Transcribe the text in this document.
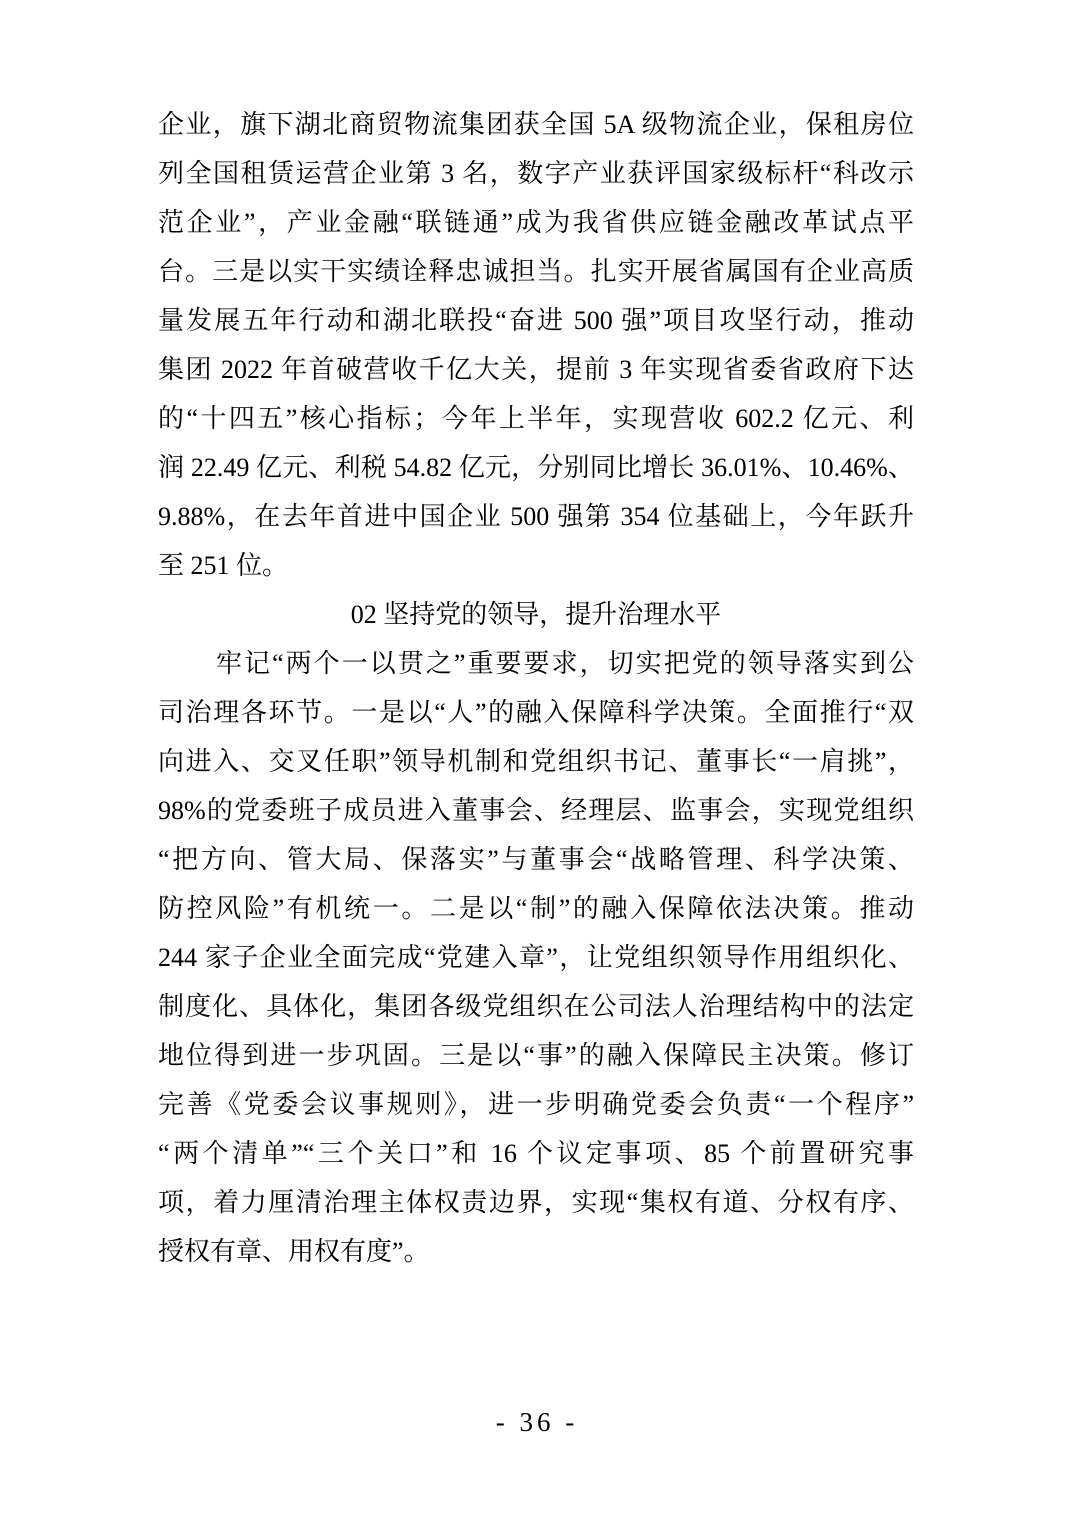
企业，旗下湖北商贸物流集团获全国 5A 级物流企业，保租房位
列全国租赁运营企业第 3 名，数字产业获评国家级标杆“科改示
范企业”，产业金融“联链通”成为我省供应链金融改革试点平
台。三是以实干实绩诠释忠诚担当。扎实开展省属国有企业高质
量发展五年行动和湖北联投“奋进 500 强”项目攻坚行动，推动
集团 2022 年首破营收千亿大关，提前 3 年实现省委省政府下达
的“十四五”核心指标；今年上半年，实现营收 602.2 亿元、利
润 22.49 亿元、利税 54.82 亿元，分别同比增长 36.01%、10.46%、
9.88%，在去年首进中国企业 500 强第 354 位基础上，今年跃升
至 251 位。
02 坚持党的领导，提升治理水平
牢记“两个一以贯之”重要要求，切实把党的领导落实到公
司治理各环节。一是以“人”的融入保障科学决策。全面推行“双
向进入、交叉任职”领导机制和党组织书记、董事长“一肩挑”，
98%的党委班子成员进入董事会、经理层、监事会，实现党组织
“把方向、管大局、保落实”与董事会“战略管理、科学决策、
防控风险”有机统一。二是以“制”的融入保障依法决策。推动
244 家子企业全面完成“党建入章”，让党组织领导作用组织化、
制度化、具体化，集团各级党组织在公司法人治理结构中的法定
地位得到进一步巩固。三是以“事”的融入保障民主决策。修订
完善《党委会议事规则》，进一步明确党委会负责“一个程序”
“两个清单”“三个关口”和 16 个议定事项、85 个前置研究事
项，着力厘清治理主体权责边界，实现“集权有道、分权有序、
授权有章、用权有度”。
- 36 -
